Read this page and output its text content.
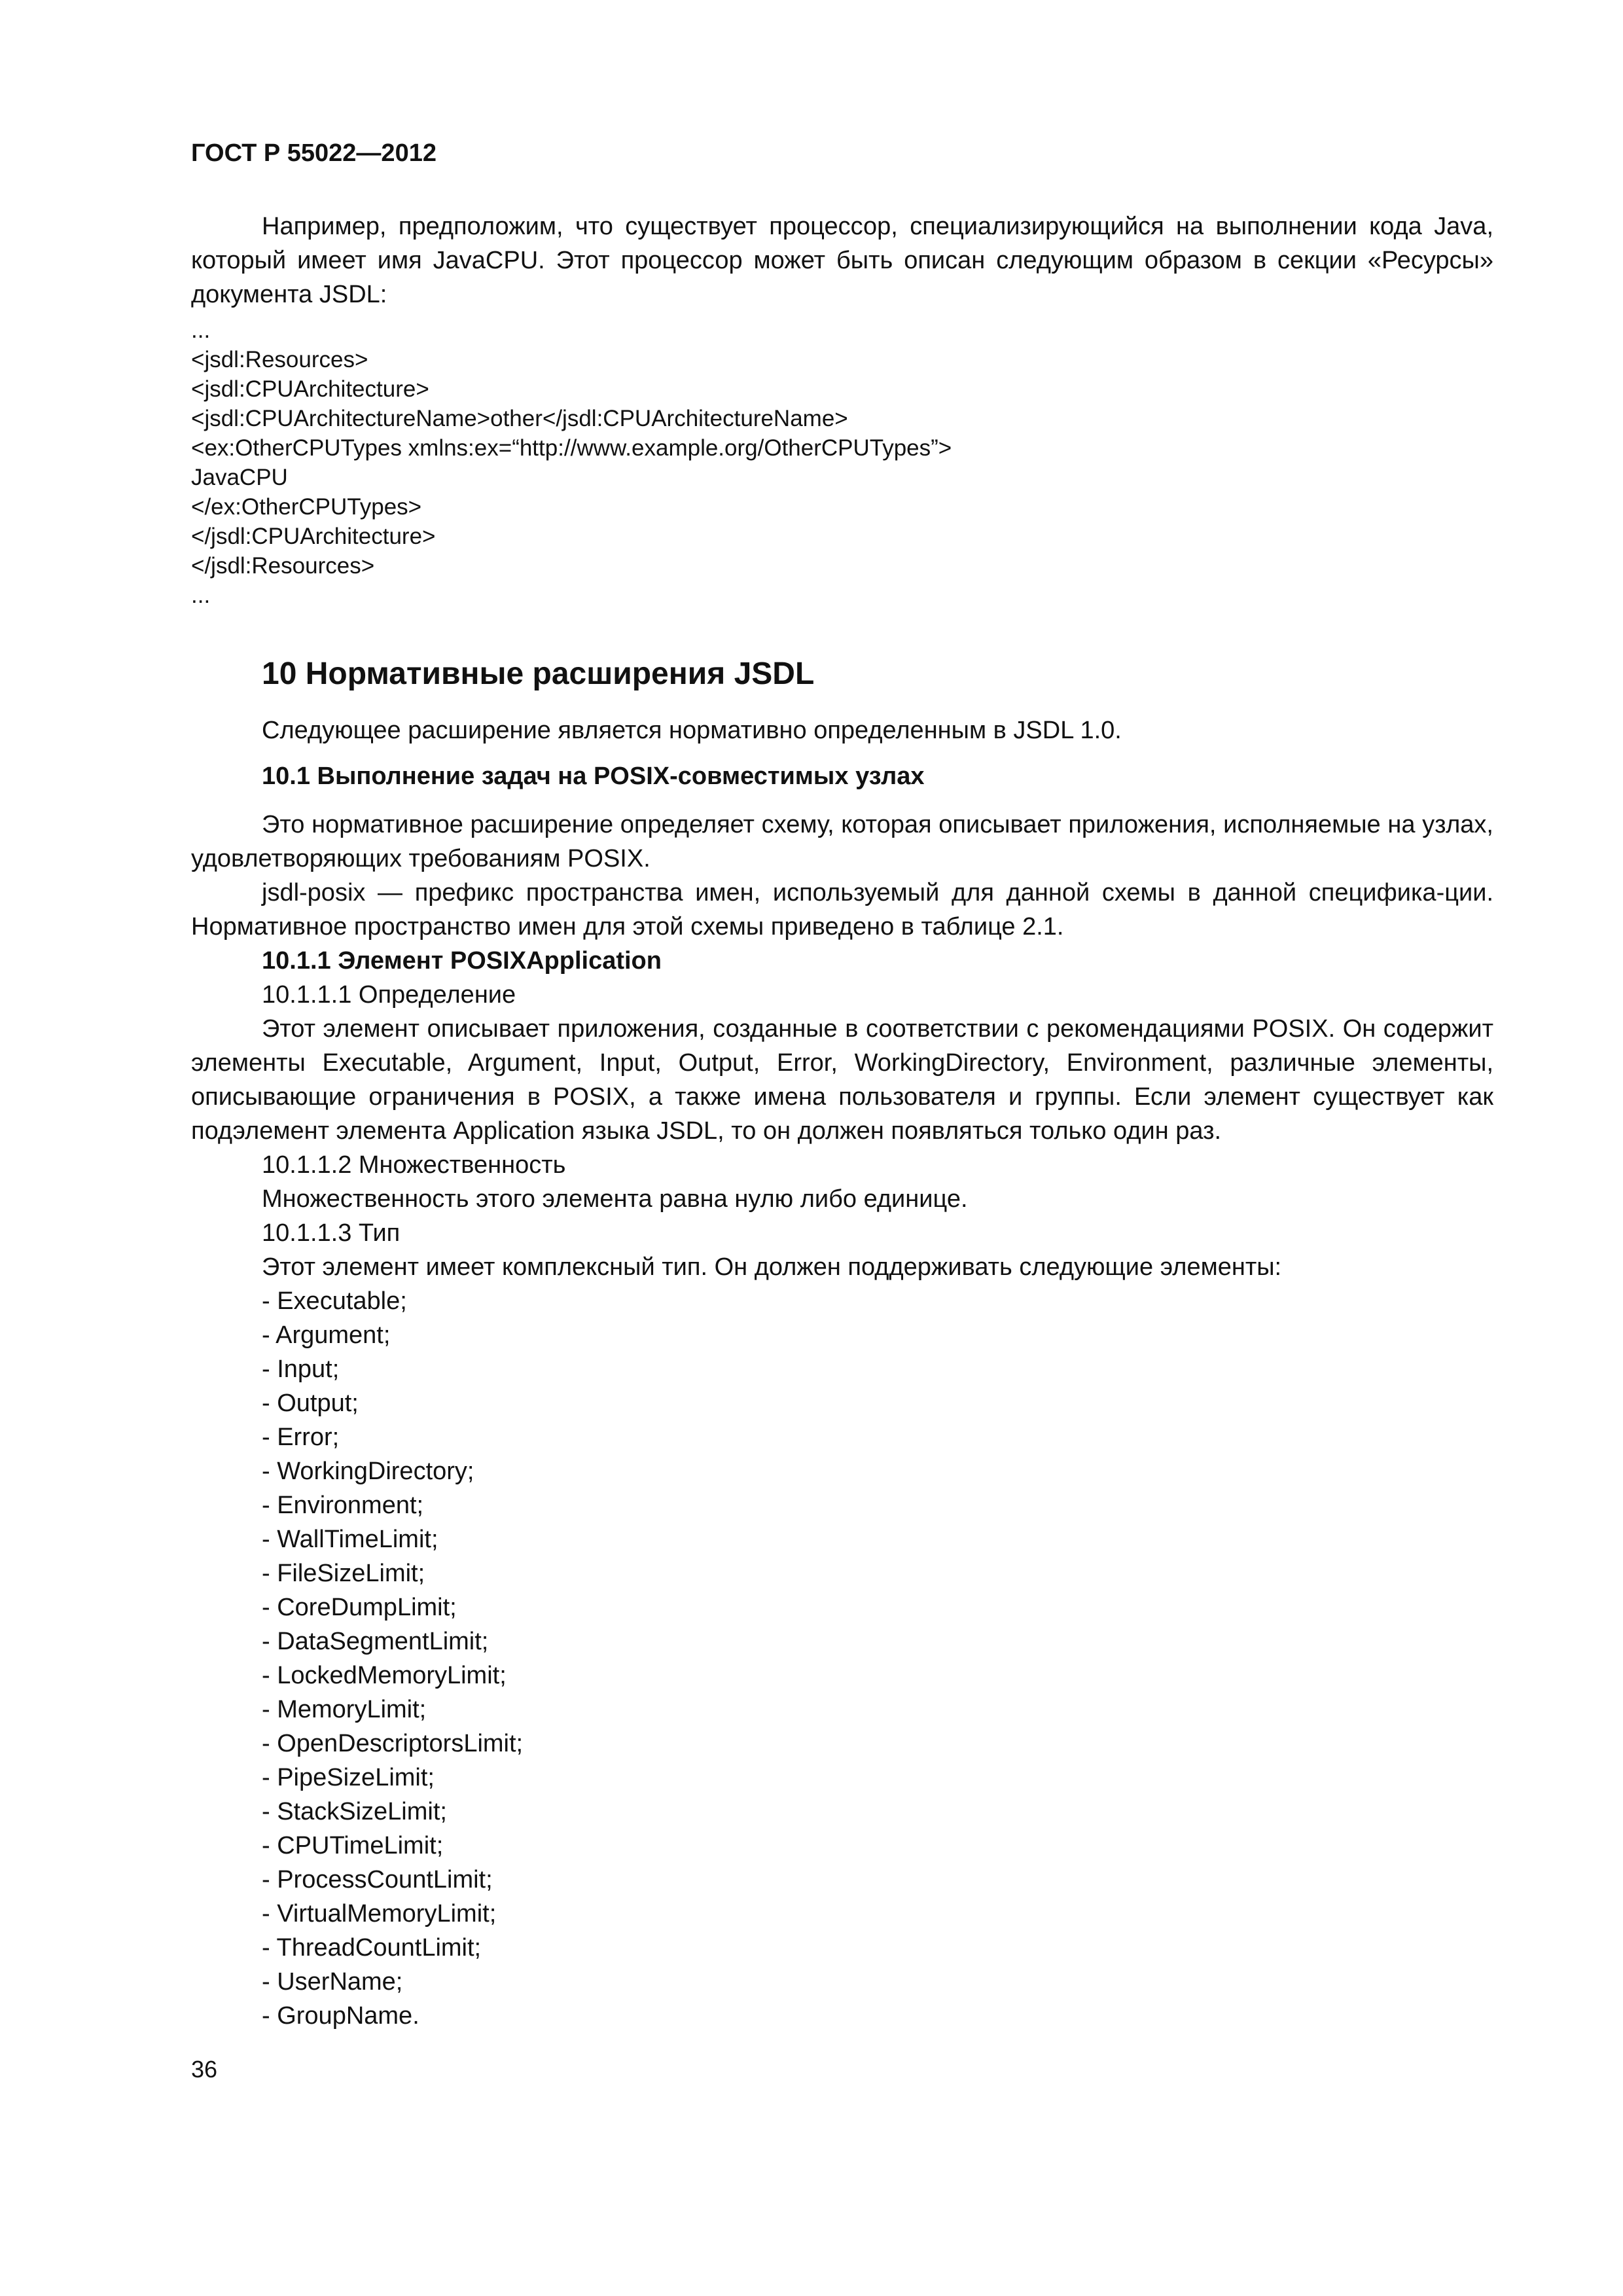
ГОСТ Р 55022—2012

Например, предположим, что существует процессор, специализирующийся на выполнении кода Java, который имеет имя JavaCPU. Этот процессор может быть описан следующим образом в секции «Ресурсы» документа JSDL:

...
<jsdl:Resources>
<jsdl:CPUArchitecture>
<jsdl:CPUArchitectureName>other</jsdl:CPUArchitectureName>
<ex:OtherCPUTypes xmlns:ex=“http://www.example.org/OtherCPUTypes”>
JavaCPU
</ex:OtherCPUTypes>
</jsdl:CPUArchitecture>
</jsdl:Resources>
...
10 Нормативные расширения JSDL
Следующее расширение является нормативно определенным в JSDL 1.0.
10.1 Выполнение задач на POSIX-совместимых узлах

Это нормативное расширение определяет схему, которая описывает приложения, исполняемые на узлах, удовлетворяющих требованиям POSIX.

jsdl-posix — префикс пространства имен, используемый для данной схемы в данной специфика-ции. Нормативное пространство имен для этой схемы приведено в таблице 2.1.

10.1.1 Элемент POSIXApplication
10.1.1.1 Определение

Этот элемент описывает приложения, созданные в соответствии с рекомендациями POSIX. Он содержит элементы Executable, Argument, Input, Output, Error, WorkingDirectory, Environment, различные элементы, описывающие ограничения в POSIX, а также имена пользователя и группы. Если элемент существует как подэлемент элемента Application языка JSDL, то он должен появляться только один раз.

10.1.1.2 Множественность
Множественность этого элемента равна нулю либо единице.
10.1.1.3 Тип
Этот элемент имеет комплексный тип. Он должен поддерживать следующие элементы:
- Executable;
- Argument;
- Input;
- Output;
- Error;
- WorkingDirectory;
- Environment;
- WallTimeLimit;
- FileSizeLimit;
- CoreDumpLimit;
- DataSegmentLimit;
- LockedMemoryLimit;
- MemoryLimit;
- OpenDescriptorsLimit;
- PipeSizeLimit;
- StackSizeLimit;
- CPUTimeLimit;
- ProcessCountLimit;
- VirtualMemoryLimit;
- ThreadCountLimit;
- UserName;
- GroupName.
36
